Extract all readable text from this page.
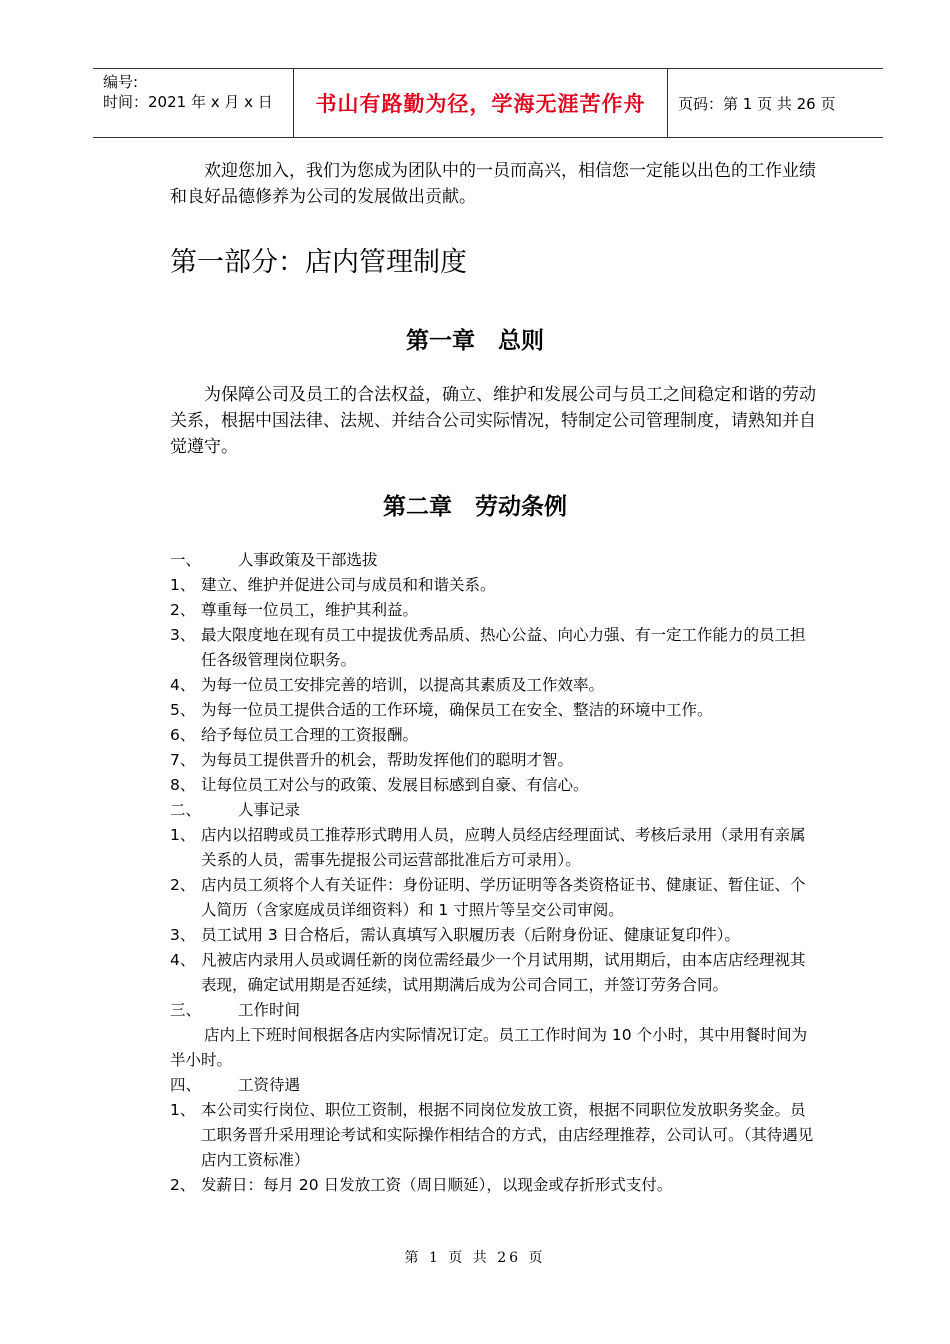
编号:
时间：2021 年 x 月 x 日 书山有路勤为径，学海无涯苦作舟	页码：第 1 页 共 26 页
欢迎您加入，我们为您成为团队中的一员而高兴，相信您一定能以出色的工作业绩和良好品德修养为公司的发展做出贡献。
第一部分：店内管理制度
第一章　总则
为保障公司及员工的合法权益，确立、维护和发展公司与员工之间稳定和谐的劳动关系，根据中国法律、法规、并结合公司实际情况，特制定公司管理制度，请熟知并自觉遵守。
第二章　劳动条例
一、	人事政策及干部选拔
1、 建立、维护并促进公司与成员和和谐关系。
2、 尊重每一位员工，维护其利益。
3、 最大限度地在现有员工中提拔优秀品质、热心公益、向心力强、有一定工作能力的员工担任各级管理岗位职务。
4、 为每一位员工安排完善的培训，以提高其素质及工作效率。
5、 为每一位员工提供合适的工作环境，确保员工在安全、整洁的环境中工作。
6、 给予每位员工合理的工资报酬。
7、 为每员工提供晋升的机会，帮助发挥他们的聪明才智。
8、 让每位员工对公与的政策、发展目标感到自豪、有信心。
二、	人事记录
1、 店内以招聘或员工推荐形式聘用人员，应聘人员经店经理面试、考核后录用（录用有亲属关系的人员，需事先提报公司运营部批准后方可录用）。
2、 店内员工须将个人有关证件：身份证明、学历证明等各类资格证书、健康证、暂住证、个人简历（含家庭成员详细资料）和 1 寸照片等呈交公司审阅。
3、 员工试用 3 日合格后，需认真填写入职履历表（后附身份证、健康证复印件）。
4、 凡被店内录用人员或调任新的岗位需经最少一个月试用期，试用期后，由本店店经理视其表现，确定试用期是否延续，试用期满后成为公司合同工，并签订劳务合同。
三、	工作时间
店内上下班时间根据各店内实际情况订定。员工工作时间为 10 个小时，其中用餐时间为半小时。
四、	工资待遇
1、 本公司实行岗位、职位工资制，根据不同岗位发放工资，根据不同职位发放职务奖金。员工职务晋升采用理论考试和实际操作相结合的方式，由店经理推荐，公司认可。（其待遇见店内工资标准）
2、 发薪日：每月 20 日发放工资（周日顺延），以现金或存折形式支付。
第 1 页 共 26 页
